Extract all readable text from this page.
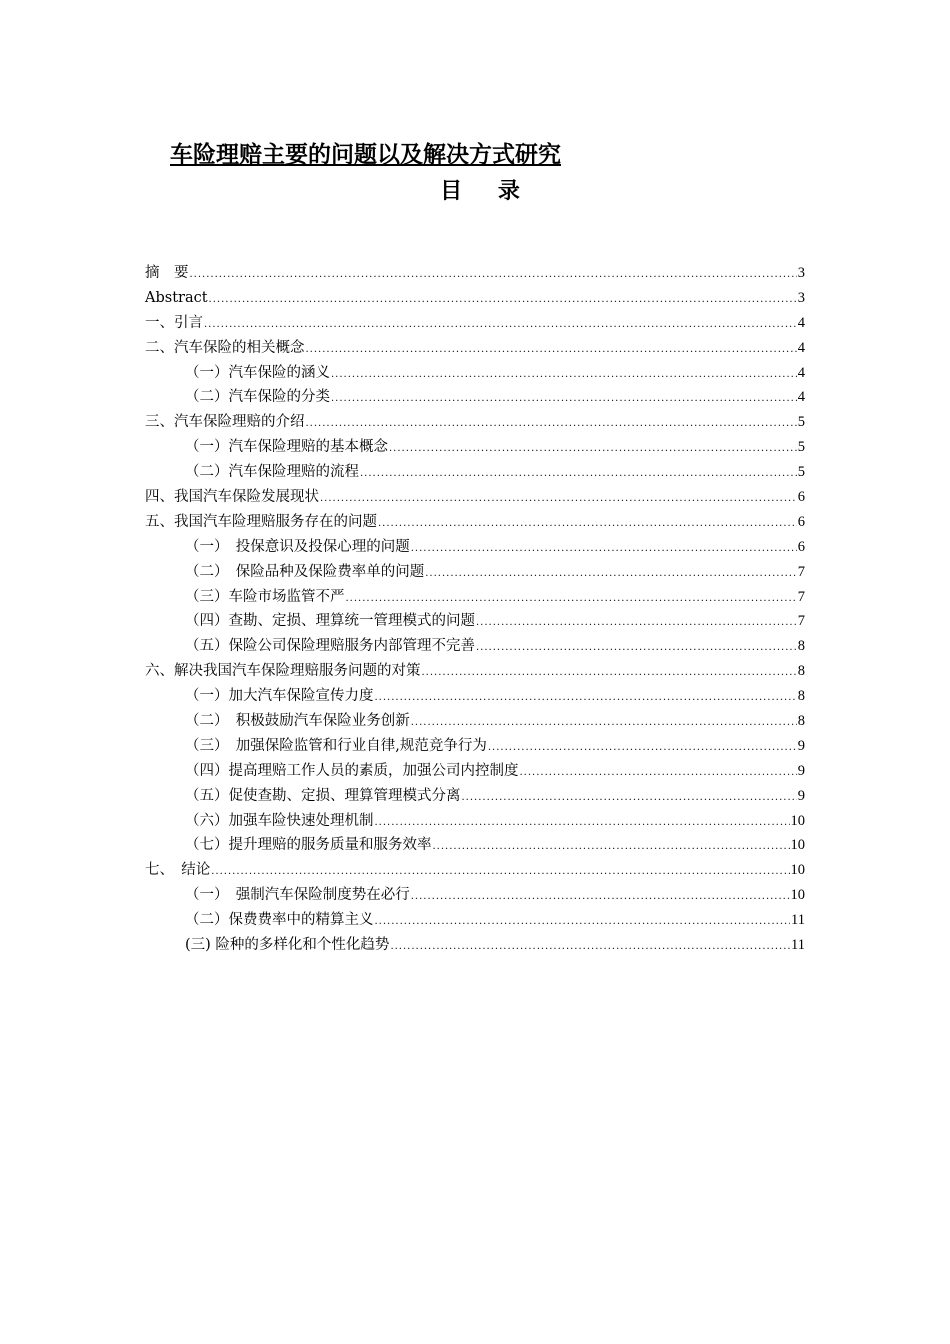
车险理赔主要的问题以及解决方式研究
目 录
摘　要 .....	3
Abstract .....	3
一、引言 .....	4
二、汽车保险的相关概念 .....	4
（一）汽车保险的涵义 .....	4
（二）汽车保险的分类 .....	4
三、汽车保险理赔的介绍 .....	5
（一）汽车保险理赔的基本概念 .....	5
（二）汽车保险理赔的流程 .....	5
四、我国汽车保险发展现状 .....	6
五、我国汽车险理赔服务存在的问题 .....	6
（一）　投保意识及投保心理的问题 .....	6
（二）　保险品种及保险费率单的问题 .....	7
（三）车险市场监管不严 .....	7
（四）查勘、定损、理算统一管理模式的问题 .....	7
（五）保险公司保险理赔服务内部管理不完善 .....	8
六、解决我国汽车保险理赔服务问题的对策 .....	8
（一）加大汽车保险宣传力度 .....	8
（二）　积极鼓励汽车保险业务创新 .....	8
（三）　加强保险监管和行业自律,规范竞争行为 .....	9
（四）提高理赔工作人员的素质，加强公司内控制度 .....	9
（五）促使查勘、定损、理算管理模式分离 .....	9
（六）加强车险快速处理机制 .....	10
（七）提升理赔的服务质量和服务效率 .....	10
七、　结论 .....	10
（一）　强制汽车保险制度势在必行 .....	10
（二）保费费率中的精算主义 .....	11
(三) 险种的多样化和个性化趋势 .....	11
